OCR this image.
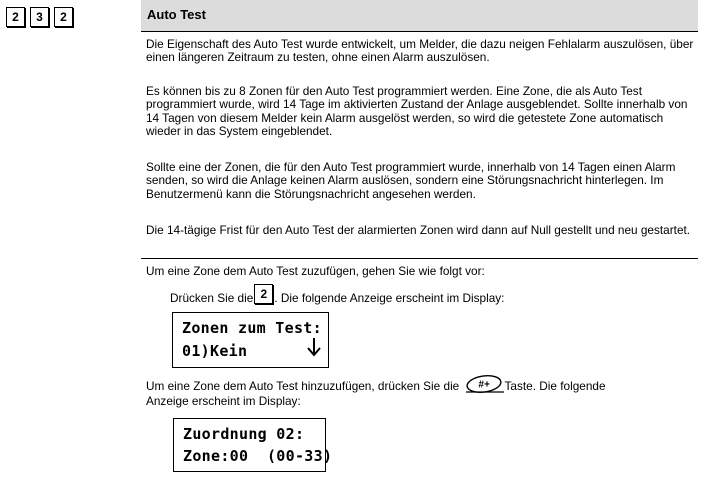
2	3	2	Auto Test

Die Eigenschaft des Auto Test wurde entwickelt, um Melder, die dazu neigen Fehlalarm auszulösen, über einen längeren Zeitraum zu testen, ohne einen Alarm auszulösen.

Es können bis zu 8 Zonen für den Auto Test programmiert werden. Eine Zone, die als Auto Test programmiert wurde, wird 14 Tage im aktivierten Zustand der Anlage ausgeblendet. Sollte innerhalb von 14 Tagen von diesem Melder kein Alarm ausgelöst werden, so wird die getestete Zone automatisch wieder in das System eingeblendet.

Sollte eine der Zonen, die für den Auto Test programmiert wurde, innerhalb von 14 Tagen einen Alarm senden, so wird die Anlage keinen Alarm auslösen, sondern eine Störungsnachricht hinterlegen. Im Benutzermenü kann die Störungsnachricht angesehen werden.

Die 14-tägige Frist für den Auto Test der alarmierten Zonen wird dann auf Null gestellt und neu gestartet.

Um eine Zone dem Auto Test zuzufügen, gehen Sie wie folgt vor:

Drücken Sie die 2 . Die folgende Anzeige erscheint im Display:

Zonen zum Test:
01)Kein

Um eine Zone dem Auto Test hinzuzufügen, drücken Sie die #+ Taste. Die folgende
Anzeige erscheint im Display:

Zuordnung 02:
Zone:00  (00-33)
